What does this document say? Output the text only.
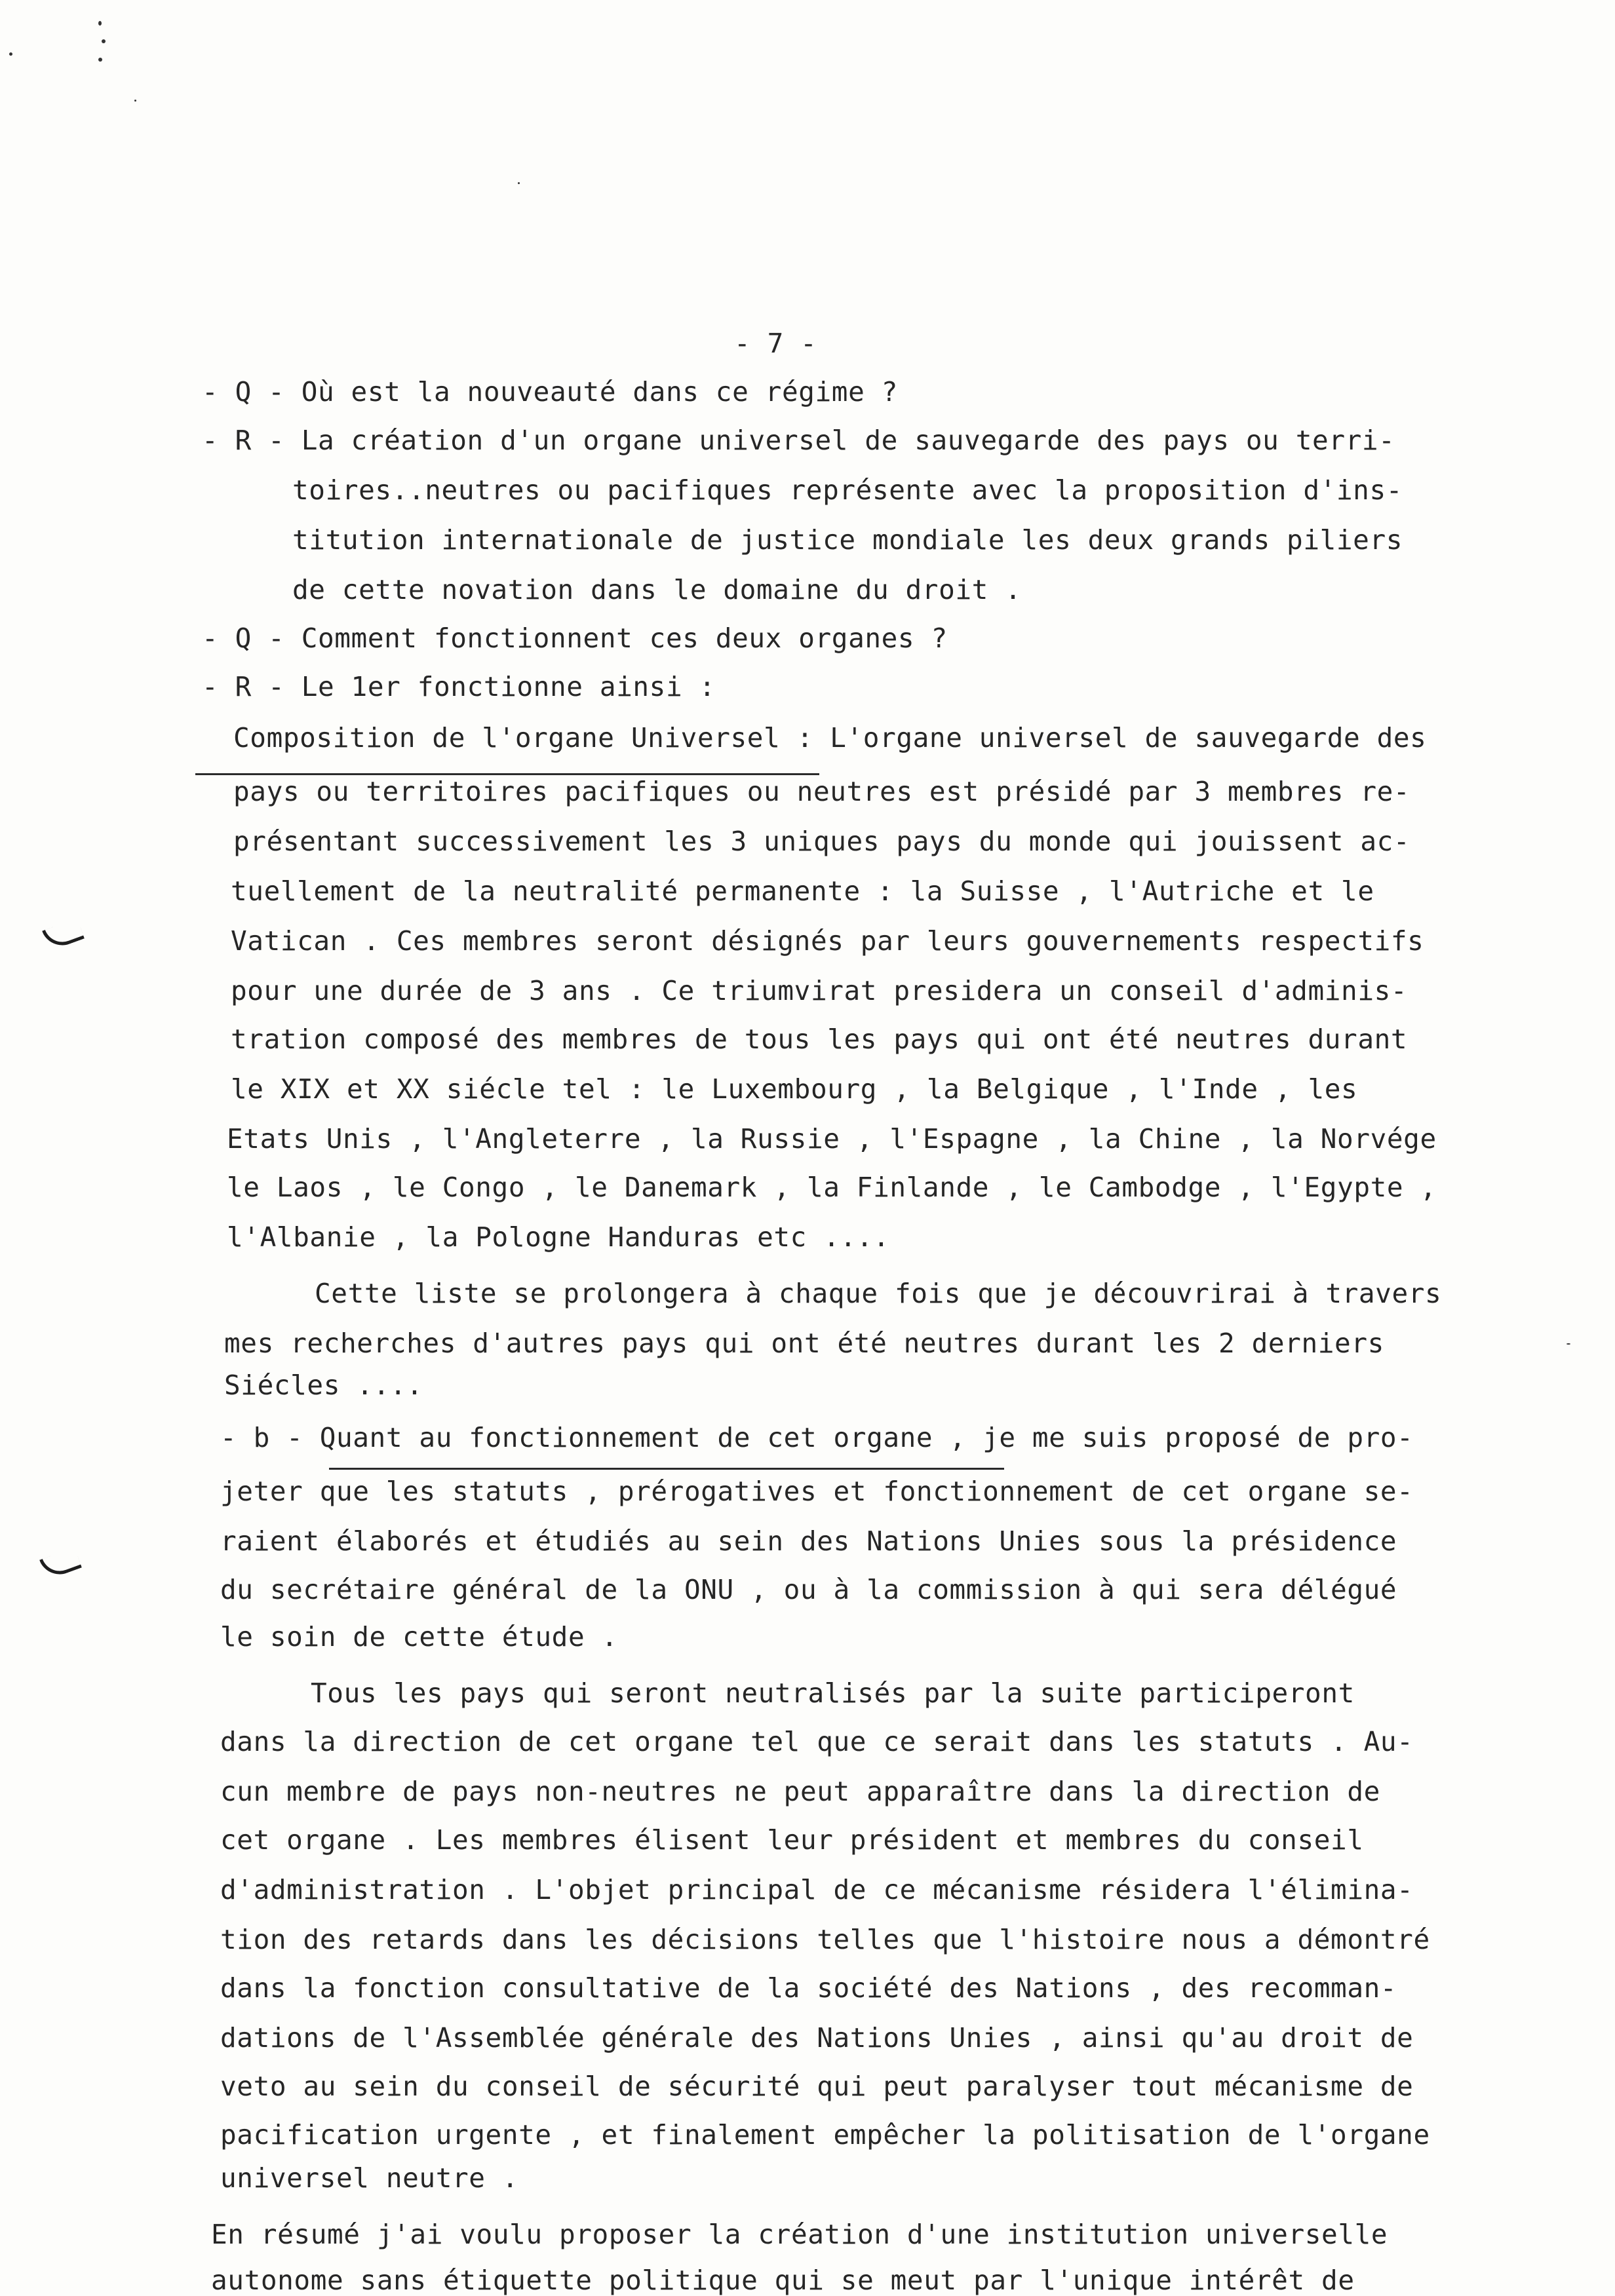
- 7 -
- Q - Où est la nouveauté dans ce régime ?
- R - La création d'un organe universel de sauvegarde des pays ou terri-
toires..neutres ou pacifiques représente avec la proposition d'ins-
titution internationale de justice mondiale les deux grands piliers
de cette novation dans le domaine du droit .
- Q - Comment fonctionnent ces deux organes ?
- R - Le 1er fonctionne ainsi :
Composition de l'organe Universel : L'organe universel de sauvegarde des
pays ou territoires pacifiques ou neutres est présidé par 3 membres re-
présentant successivement les 3 uniques pays du monde qui jouissent ac-
tuellement de la neutralité permanente : la Suisse , l'Autriche et le
Vatican . Ces membres seront désignés par leurs gouvernements respectifs
pour une durée de 3 ans . Ce triumvirat presidera un conseil d'adminis-
tration composé des membres de tous les pays qui ont été neutres durant
le XIX et XX siécle tel : le Luxembourg , la Belgique , l'Inde , les
Etats Unis , l'Angleterre , la Russie , l'Espagne , la Chine , la Norvége
le Laos , le Congo , le Danemark , la Finlande , le Cambodge , l'Egypte ,
l'Albanie , la Pologne Handuras etc ....
Cette liste se prolongera à chaque fois que je découvrirai à travers
mes recherches d'autres pays qui ont été neutres durant les 2 derniers
Siécles ....
- b - Quant au fonctionnement de cet organe , je me suis proposé de pro-
jeter que les statuts , prérogatives et fonctionnement de cet organe se-
raient élaborés et étudiés au sein des Nations Unies sous la présidence
du secrétaire général de la ONU , ou à la commission à qui sera délégué
le soin de cette étude .
Tous les pays qui seront neutralisés par la suite participeront
dans la direction de cet organe tel que ce serait dans les statuts . Au-
cun membre de pays non-neutres ne peut apparaître dans la direction de
cet organe . Les membres élisent leur président et membres du conseil
d'administration . L'objet principal de ce mécanisme résidera l'élimina-
tion des retards dans les décisions telles que l'histoire nous a démontré
dans la fonction consultative de la société des Nations , des recomman-
dations de l'Assemblée générale des Nations Unies , ainsi qu'au droit de
veto au sein du conseil de sécurité qui peut paralyser tout mécanisme de
pacification urgente , et finalement empêcher la politisation de l'organe
universel neutre .
En résumé j'ai voulu proposer la création d'une institution universelle
autonome sans étiquette politique qui se meut par l'unique intérêt de
